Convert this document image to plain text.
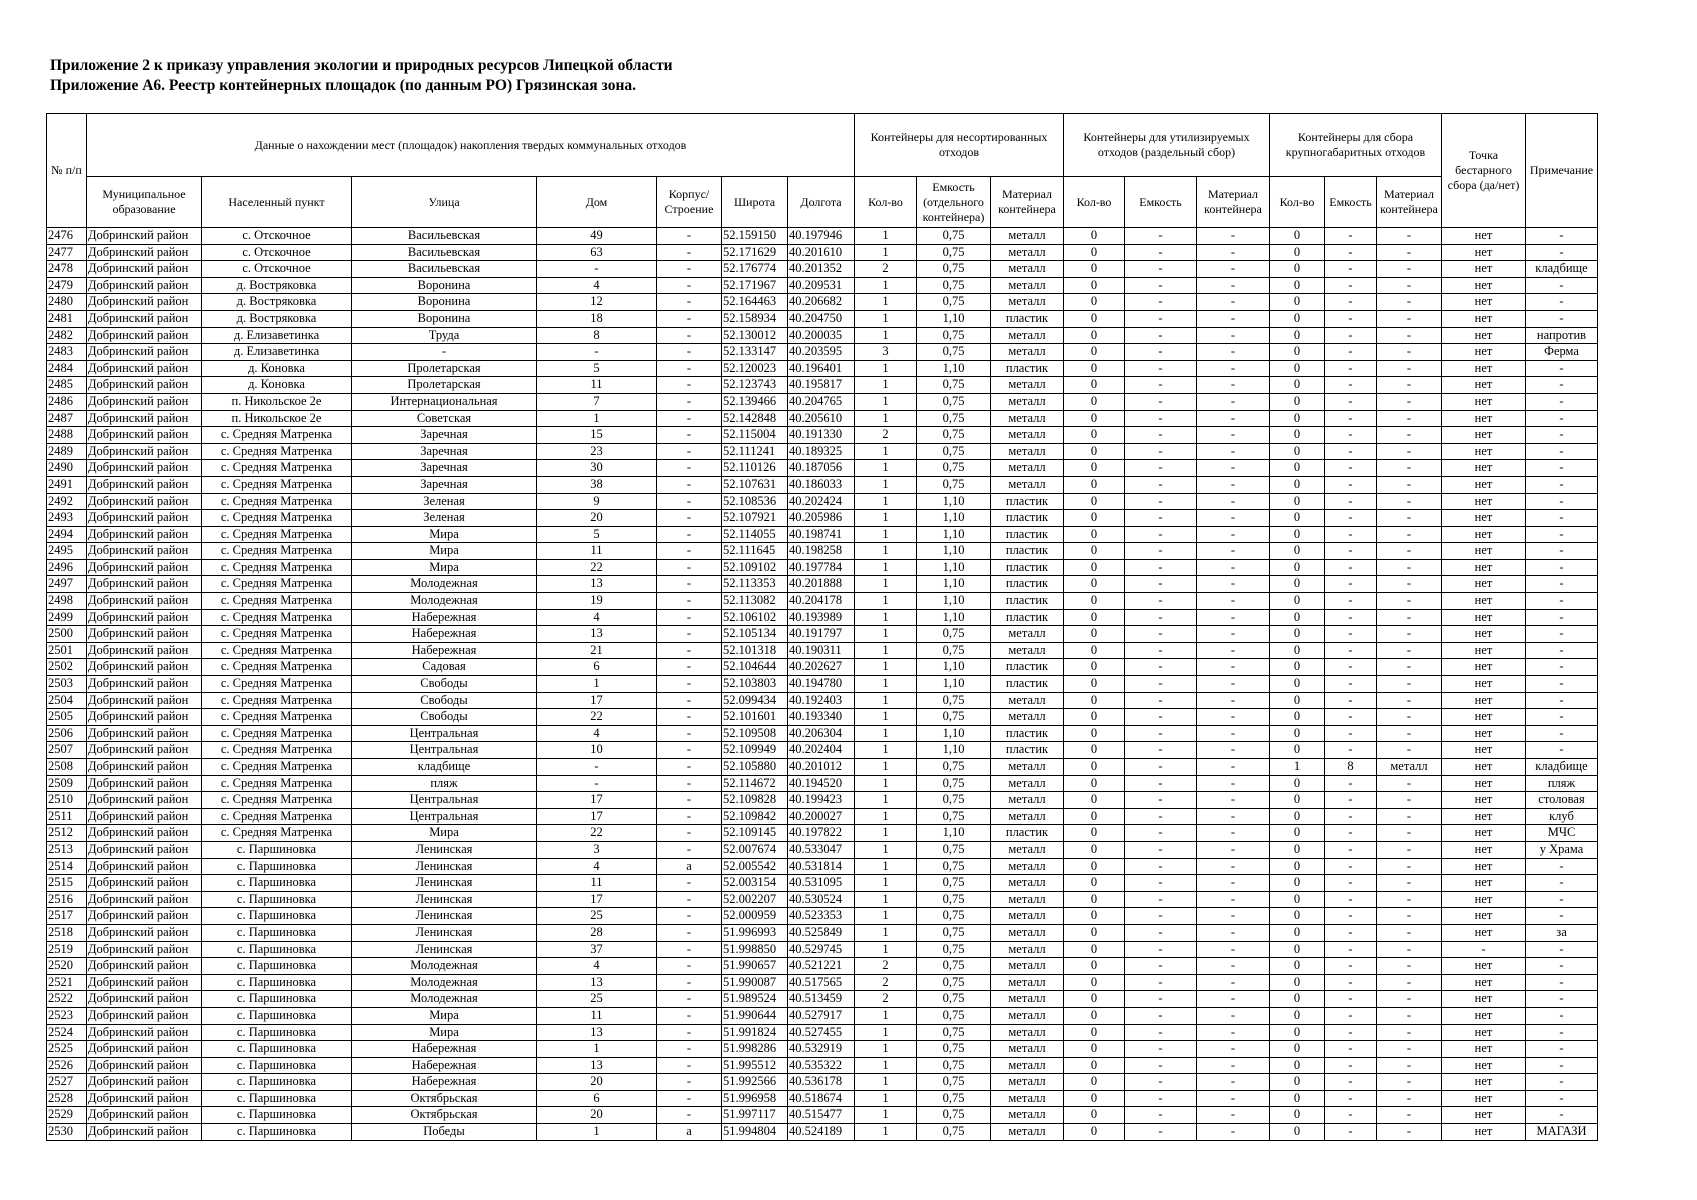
Приложение 2 к приказу управления экологии и природных ресурсов Липецкой области
Приложение А6. Реестр контейнерных площадок (по данным РО) Грязинская зона.
№ п/п	Данные о нахождении мест (площадок) накопления твердых коммунальных отходов							Контейнеры для несортированных отходов			Контейнеры для утилизируемых отходов (раздельный сбор)			Контейнеры для сбора крупногабаритных отходов			Точка бестарного сбора (да/нет)	Примечание
	Муниципальное образование	Населенный пункт	Улица	Дом	Корпус/ Строение	Широта	Долгота	Кол-во	Емкость (отдельного контейнера)	Материал контейнера	Кол-во	Емкость	Материал контейнера	Кол-во	Емкость	Материал контейнера		
2476	Добринский район	с. Отскочное	Васильевская	49	-	52.159150	40.197946	1	0,75	металл	0	-	-	0	-	-	нет	-
2477	Добринский район	с. Отскочное	Васильевская	63	-	52.171629	40.201610	1	0,75	металл	0	-	-	0	-	-	нет	-
2478	Добринский район	с. Отскочное	Васильевская	-	-	52.176774	40.201352	2	0,75	металл	0	-	-	0	-	-	нет	кладбище
2479	Добринский район	д. Востряковка	Воронина	4	-	52.171967	40.209531	1	0,75	металл	0	-	-	0	-	-	нет	-
2480	Добринский район	д. Востряковка	Воронина	12	-	52.164463	40.206682	1	0,75	металл	0	-	-	0	-	-	нет	-
2481	Добринский район	д. Востряковка	Воронина	18	-	52.158934	40.204750	1	1,10	пластик	0	-	-	0	-	-	нет	-
2482	Добринский район	д. Елизаветинка	Труда	8	-	52.130012	40.200035	1	0,75	металл	0	-	-	0	-	-	нет	напротив
2483	Добринский район	д. Елизаветинка	-	-	-	52.133147	40.203595	3	0,75	металл	0	-	-	0	-	-	нет	Ферма
2484	Добринский район	д. Коновка	Пролетарская	5	-	52.120023	40.196401	1	1,10	пластик	0	-	-	0	-	-	нет	-
2485	Добринский район	д. Коновка	Пролетарская	11	-	52.123743	40.195817	1	0,75	металл	0	-	-	0	-	-	нет	-
2486	Добринский район	п. Никольское 2е	Интернациональная	7	-	52.139466	40.204765	1	0,75	металл	0	-	-	0	-	-	нет	-
2487	Добринский район	п. Никольское 2е	Советская	1	-	52.142848	40.205610	1	0,75	металл	0	-	-	0	-	-	нет	-
2488	Добринский район	с. Средняя Матренка	Заречная	15	-	52.115004	40.191330	2	0,75	металл	0	-	-	0	-	-	нет	-
2489	Добринский район	с. Средняя Матренка	Заречная	23	-	52.111241	40.189325	1	0,75	металл	0	-	-	0	-	-	нет	-
2490	Добринский район	с. Средняя Матренка	Заречная	30	-	52.110126	40.187056	1	0,75	металл	0	-	-	0	-	-	нет	-
2491	Добринский район	с. Средняя Матренка	Заречная	38	-	52.107631	40.186033	1	0,75	металл	0	-	-	0	-	-	нет	-
2492	Добринский район	с. Средняя Матренка	Зеленая	9	-	52.108536	40.202424	1	1,10	пластик	0	-	-	0	-	-	нет	-
2493	Добринский район	с. Средняя Матренка	Зеленая	20	-	52.107921	40.205986	1	1,10	пластик	0	-	-	0	-	-	нет	-
2494	Добринский район	с. Средняя Матренка	Мира	5	-	52.114055	40.198741	1	1,10	пластик	0	-	-	0	-	-	нет	-
2495	Добринский район	с. Средняя Матренка	Мира	11	-	52.111645	40.198258	1	1,10	пластик	0	-	-	0	-	-	нет	-
2496	Добринский район	с. Средняя Матренка	Мира	22	-	52.109102	40.197784	1	1,10	пластик	0	-	-	0	-	-	нет	-
2497	Добринский район	с. Средняя Матренка	Молодежная	13	-	52.113353	40.201888	1	1,10	пластик	0	-	-	0	-	-	нет	-
2498	Добринский район	с. Средняя Матренка	Молодежная	19	-	52.113082	40.204178	1	1,10	пластик	0	-	-	0	-	-	нет	-
2499	Добринский район	с. Средняя Матренка	Набережная	4	-	52.106102	40.193989	1	1,10	пластик	0	-	-	0	-	-	нет	-
2500	Добринский район	с. Средняя Матренка	Набережная	13	-	52.105134	40.191797	1	0,75	металл	0	-	-	0	-	-	нет	-
2501	Добринский район	с. Средняя Матренка	Набережная	21	-	52.101318	40.190311	1	0,75	металл	0	-	-	0	-	-	нет	-
2502	Добринский район	с. Средняя Матренка	Садовая	6	-	52.104644	40.202627	1	1,10	пластик	0	-	-	0	-	-	нет	-
2503	Добринский район	с. Средняя Матренка	Свободы	1	-	52.103803	40.194780	1	1,10	пластик	0	-	-	0	-	-	нет	-
2504	Добринский район	с. Средняя Матренка	Свободы	17	-	52.099434	40.192403	1	0,75	металл	0	-	-	0	-	-	нет	-
2505	Добринский район	с. Средняя Матренка	Свободы	22	-	52.101601	40.193340	1	0,75	металл	0	-	-	0	-	-	нет	-
2506	Добринский район	с. Средняя Матренка	Центральная	4	-	52.109508	40.206304	1	1,10	пластик	0	-	-	0	-	-	нет	-
2507	Добринский район	с. Средняя Матренка	Центральная	10	-	52.109949	40.202404	1	1,10	пластик	0	-	-	0	-	-	нет	-
2508	Добринский район	с. Средняя Матренка	кладбище	-	-	52.105880	40.201012	1	0,75	металл	0	-	-	1	8	металл	нет	кладбище
2509	Добринский район	с. Средняя Матренка	пляж	-	-	52.114672	40.194520	1	0,75	металл	0	-	-	0	-	-	нет	пляж
2510	Добринский район	с. Средняя Матренка	Центральная	17	-	52.109828	40.199423	1	0,75	металл	0	-	-	0	-	-	нет	столовая
2511	Добринский район	с. Средняя Матренка	Центральная	17	-	52.109842	40.200027	1	0,75	металл	0	-	-	0	-	-	нет	клуб
2512	Добринский район	с. Средняя Матренка	Мира	22	-	52.109145	40.197822	1	1,10	пластик	0	-	-	0	-	-	нет	МЧС
2513	Добринский район	с. Паршиновка	Ленинская	3	-	52.007674	40.533047	1	0,75	металл	0	-	-	0	-	-	нет	у Храма
2514	Добринский район	с. Паршиновка	Ленинская	4	а	52.005542	40.531814	1	0,75	металл	0	-	-	0	-	-	нет	-
2515	Добринский район	с. Паршиновка	Ленинская	11	-	52.003154	40.531095	1	0,75	металл	0	-	-	0	-	-	нет	-
2516	Добринский район	с. Паршиновка	Ленинская	17	-	52.002207	40.530524	1	0,75	металл	0	-	-	0	-	-	нет	-
2517	Добринский район	с. Паршиновка	Ленинская	25	-	52.000959	40.523353	1	0,75	металл	0	-	-	0	-	-	нет	-
2518	Добринский район	с. Паршиновка	Ленинская	28	-	51.996993	40.525849	1	0,75	металл	0	-	-	0	-	-	нет	за
2519	Добринский район	с. Паршиновка	Ленинская	37	-	51.998850	40.529745	1	0,75	металл	0	-	-	0	-	-	-	-
2520	Добринский район	с. Паршиновка	Молодежная	4	-	51.990657	40.521221	2	0,75	металл	0	-	-	0	-	-	нет	-
2521	Добринский район	с. Паршиновка	Молодежная	13	-	51.990087	40.517565	2	0,75	металл	0	-	-	0	-	-	нет	-
2522	Добринский район	с. Паршиновка	Молодежная	25	-	51.989524	40.513459	2	0,75	металл	0	-	-	0	-	-	нет	-
2523	Добринский район	с. Паршиновка	Мира	11	-	51.990644	40.527917	1	0,75	металл	0	-	-	0	-	-	нет	-
2524	Добринский район	с. Паршиновка	Мира	13	-	51.991824	40.527455	1	0,75	металл	0	-	-	0	-	-	нет	-
2525	Добринский район	с. Паршиновка	Набережная	1	-	51.998286	40.532919	1	0,75	металл	0	-	-	0	-	-	нет	-
2526	Добринский район	с. Паршиновка	Набережная	13	-	51.995512	40.535322	1	0,75	металл	0	-	-	0	-	-	нет	-
2527	Добринский район	с. Паршиновка	Набережная	20	-	51.992566	40.536178	1	0,75	металл	0	-	-	0	-	-	нет	-
2528	Добринский район	с. Паршиновка	Октябрьская	6	-	51.996958	40.518674	1	0,75	металл	0	-	-	0	-	-	нет	-
2529	Добринский район	с. Паршиновка	Октябрьская	20	-	51.997117	40.515477	1	0,75	металл	0	-	-	0	-	-	нет	-
2530	Добринский район	с. Паршиновка	Победы	1	а	51.994804	40.524189	1	0,75	металл	0	-	-	0	-	-	нет	МАГАЗИ
